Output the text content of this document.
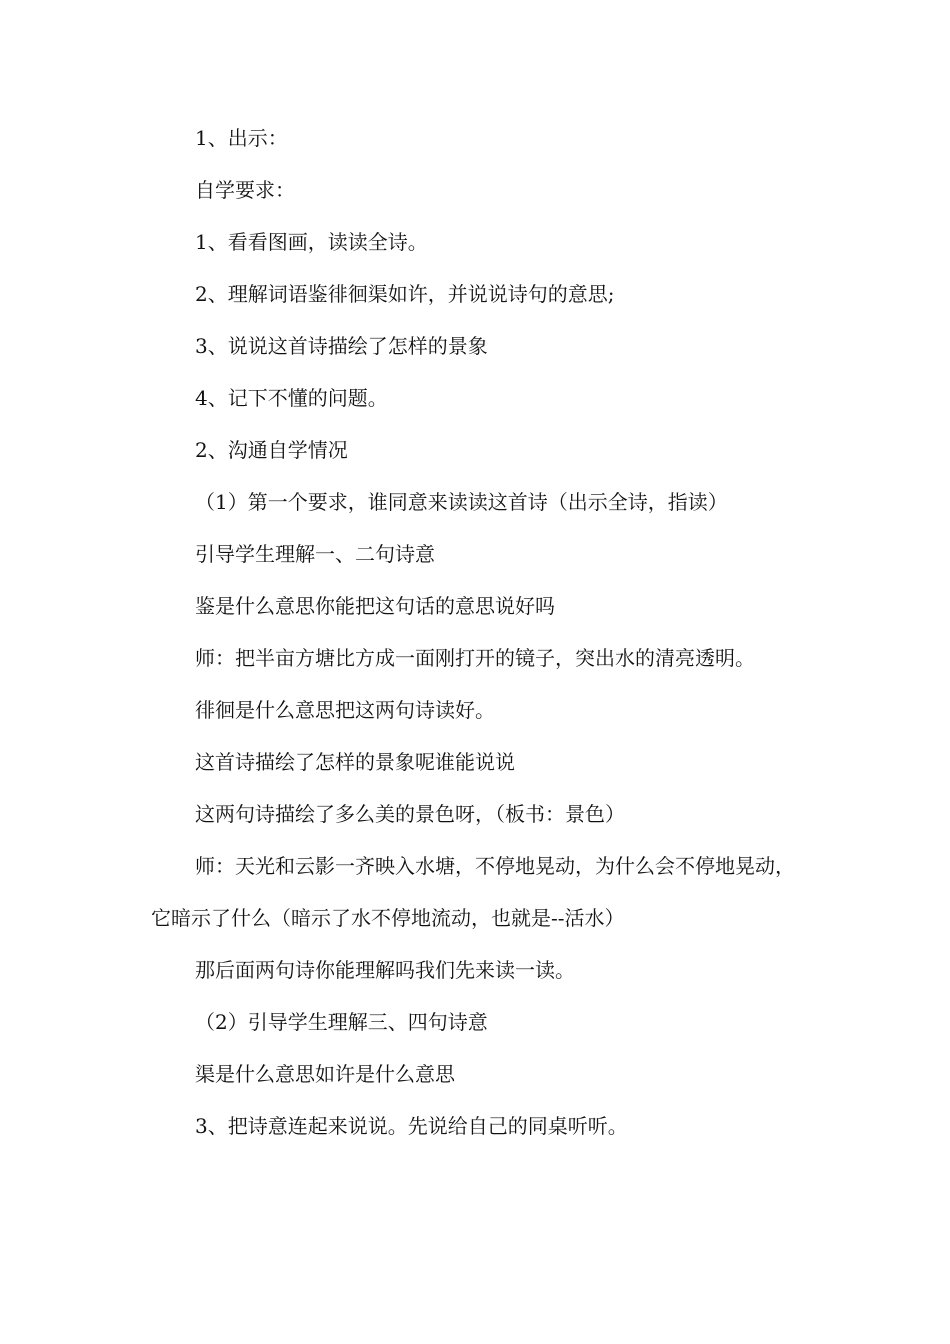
1、出示：

自学要求：

1、看看图画，读读全诗。

2、理解词语鉴徘徊渠如许，并说说诗句的意思;

3、说说这首诗描绘了怎样的景象

4、记下不懂的问题。

2、沟通自学情况

（1）第一个要求，谁同意来读读这首诗（出示全诗，指读）

引导学生理解一、二句诗意

鉴是什么意思你能把这句话的意思说好吗

师：把半亩方塘比方成一面刚打开的镜子，突出水的清亮透明。

徘徊是什么意思把这两句诗读好。

这首诗描绘了怎样的景象呢谁能说说

这两句诗描绘了多么美的景色呀，（板书：景色）

师：天光和云影一齐映入水塘，不停地晃动，为什么会不停地晃动，它暗示了什么（暗示了水不停地流动，也就是--活水）

那后面两句诗你能理解吗我们先来读一读。

（2）引导学生理解三、四句诗意

渠是什么意思如许是什么意思

3、把诗意连起来说说。先说给自己的同桌听听。
